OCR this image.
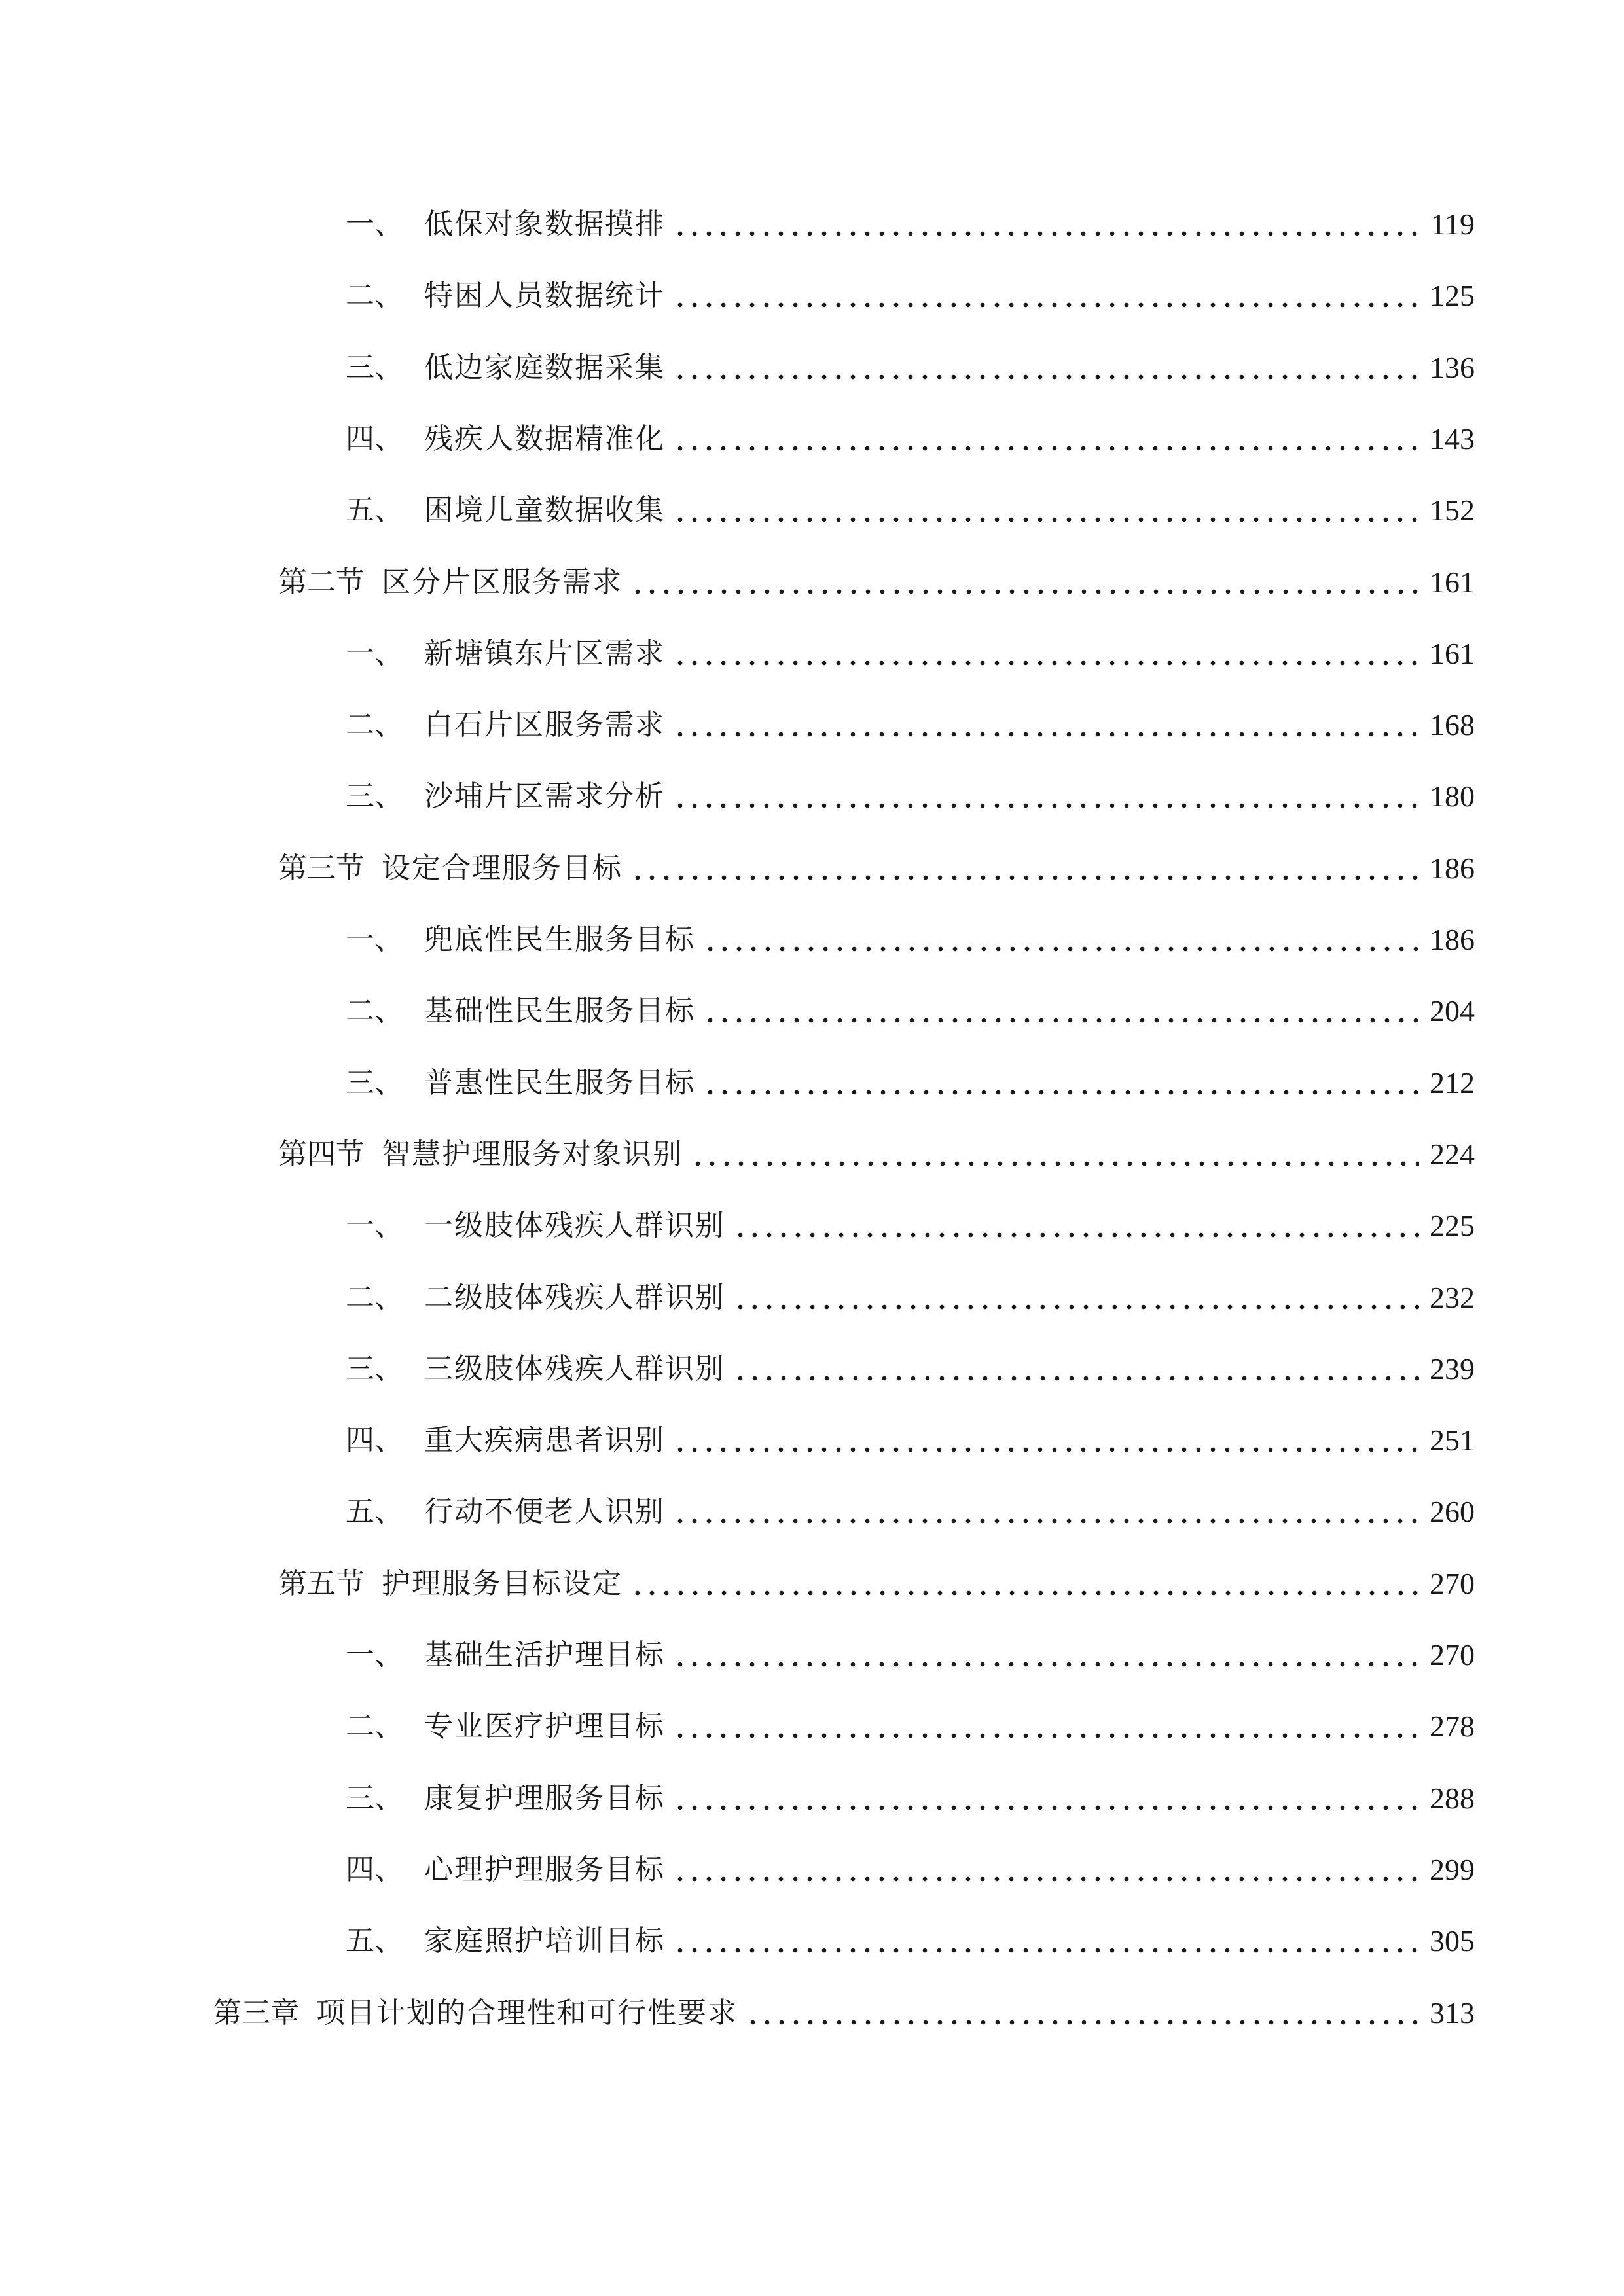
一、 低保对象数据摸排	119
二、 特困人员数据统计	125
三、 低边家庭数据采集	136
四、 残疾人数据精准化	143
五、 困境儿童数据收集	152
第二节 区分片区服务需求	161
一、 新塘镇东片区需求	161
二、 白石片区服务需求	168
三、 沙埔片区需求分析	180
第三节 设定合理服务目标	186
一、 兜底性民生服务目标	186
二、 基础性民生服务目标	204
三、 普惠性民生服务目标	212
第四节 智慧护理服务对象识别	224
一、 一级肢体残疾人群识别	225
二、 二级肢体残疾人群识别	232
三、 三级肢体残疾人群识别	239
四、 重大疾病患者识别	251
五、 行动不便老人识别	260
第五节 护理服务目标设定	270
一、 基础生活护理目标	270
二、 专业医疗护理目标	278
三、 康复护理服务目标	288
四、 心理护理服务目标	299
五、 家庭照护培训目标	305
第三章 项目计划的合理性和可行性要求	313
